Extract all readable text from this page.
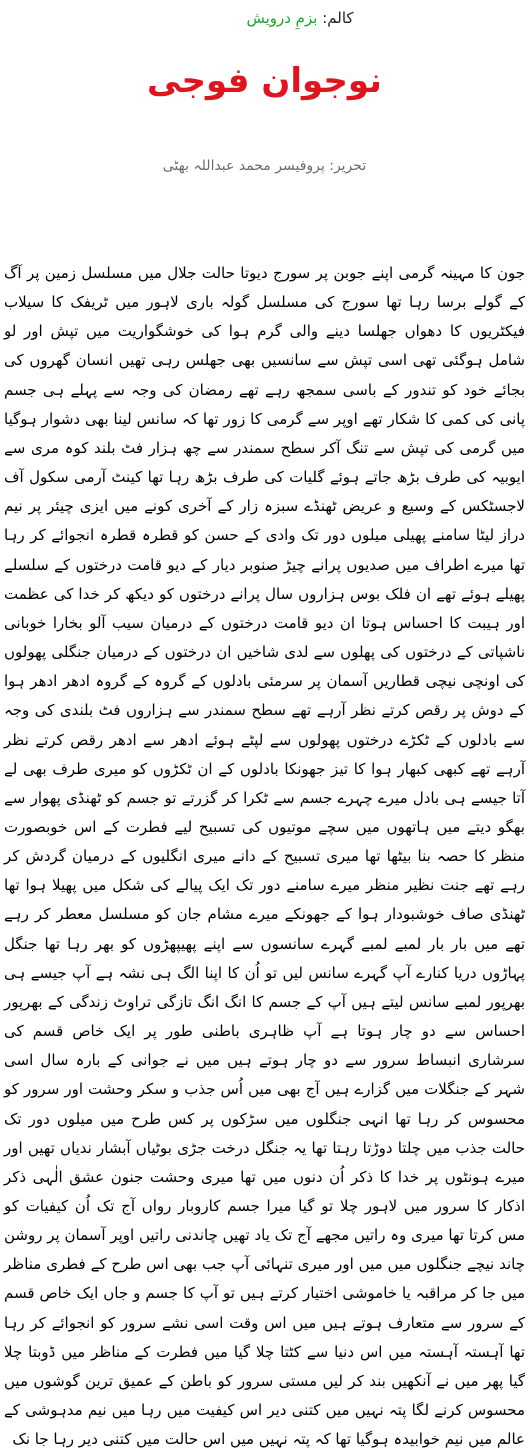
کالم: بزمِ درویش
نوجوان فوجی
تحریر: پروفیسر محمد عبداللہ بھٹی

جون کا مہینہ گرمی اپنے جوبن پر سورج دیوتا حالت جلال میں مسلسل زمین پر آگ کے گولے برسا رہا تھا سورج کی مسلسل گولہ باری لاہور میں ٹریفک کا سیلاب فیکٹریوں کا دھواں جھلسا دینے والی گرم ہوا کی خوشگواریت میں تپش اور لو شامل ہوگئی تھی اسی تپش سے سانسیں بھی جھلس رہی تھیں انسان گھروں کی بجائے خود کو تندور کے باسی سمجھ رہے تھے رمضان کی وجہ سے پہلے ہی جسم پانی کی کمی کا شکار تھے اوپر سے گرمی کا زور تھا کہ سانس لینا بھی دشوار ہوگیا میں گرمی کی تپش سے تنگ آکر سطح سمندر سے چھ ہزار فٹ بلند کوہ مری سے ایوبیہ کی طرف بڑھ جاتے ہوئے گلیات کی طرف بڑھ رہا تھا کینٹ آرمی سکول آف لاجسٹکس کے وسیع و عریض ٹھنڈے سبزہ زار کے آخری کونے میں ایزی چیئر پر نیم دراز لیٹا سامنے پھیلی میلوں دور تک وادی کے حسن کو قطرہ قطرہ انجوائے کر رہا تھا میرے اطراف میں صدیوں پرانے چیڑ صنوبر دیار کے دیو قامت درختوں کے سلسلے پھیلے ہوئے تھے ان فلک بوس ہزاروں سال پرانے درختوں کو دیکھ کر خدا کی عظمت اور ہیبت کا احساس ہوتا ان دیو قامت درختوں کے درمیان سیب آلو بخارا خوبانی ناشپاتی کے درختوں کی پھلوں سے لدی شاخیں ان درختوں کے درمیان جنگلی پھولوں کی اونچی نیچی قطاریں آسمان پر سرمئی بادلوں کے گروہ کے گروہ ادھر ادھر ہوا کے دوش پر رقص کرتے نظر آرہے تھے سطح سمندر سے ہزاروں فٹ بلندی کی وجہ سے بادلوں کے ٹکڑے درختوں پھولوں سے لپٹے ہوئے ادھر سے ادھر رقص کرتے نظر آرہے تھے کبھی کبھار ہوا کا تیز جھونکا بادلوں کے ان ٹکڑوں کو میری طرف بھی لے آتا جیسے ہی بادل میرے چہرے جسم سے ٹکرا کر گزرتے تو جسم کو ٹھنڈی پھوار سے بھگو دیتے میں ہاتھوں میں سچے موتیوں کی تسبیح لیے فطرت کے اس خوبصورت منظر کا حصہ بنا بیٹھا تھا میری تسبیح کے دانے میری انگلیوں کے درمیان گردش کر رہے تھے جنت نظیر منظر میرے سامنے دور تک ایک پیالے کی شکل میں پھیلا ہوا تھا ٹھنڈی صاف خوشبودار ہوا کے جھونکے میرے مشام جان کو مسلسل معطر کر رہے تھے میں بار بار لمبے لمبے گہرے سانسوں سے اپنے پھیپھڑوں کو بھر رہا تھا جنگل پہاڑوں دریا کنارے آپ گہرے سانس لیں تو اُن کا اپنا الگ ہی نشہ ہے آپ جیسے ہی بھرپور لمبے سانس لیتے ہیں آپ کے جسم کا انگ انگ تازگی تراوٹ زندگی کے بھرپور احساس سے دو چار ہوتا ہے آپ ظاہری باطنی طور پر ایک خاص قسم کی سرشاری انبساط سرور سے دو چار ہوتے ہیں میں نے جوانی کے بارہ سال اسی شہر کے جنگلات میں گزارے ہیں آج بھی میں اُس جذب و سکر وحشت اور سرور کو محسوس کر رہا تھا انہی جنگلوں میں سڑکوں پر کس طرح میں میلوں دور تک حالت جذب میں چلتا دوڑتا رہتا تھا یہ جنگل درخت جڑی بوٹیاں آبشار ندیاں تھیں اور میرے ہونٹوں پر خدا کا ذکر اُن دنوں میں تھا میری وحشت جنون عشق الٰہی ذکر اذکار کا سرور میں لاہور چلا تو گیا میرا جسم کاروبار رواں آج تک اُن کیفیات کو مس کرتا تھا میری وہ راتیں مجھے آج تک یاد تھیں چاندنی راتیں اوپر آسمان پر روشن چاند نیچے جنگلوں میں میں اور میری تنہائی آپ جب بھی اس طرح کے فطری مناظر میں جا کر مراقبہ یا خاموشی اختیار کرتے ہیں تو آپ کا جسم و جاں ایک خاص قسم کے سرور سے متعارف ہوتے ہیں میں اس وقت اسی نشے سرور کو انجوائے کر رہا تھا آہستہ آہستہ میں اس دنیا سے کٹتا چلا گیا میں فطرت کے مناظر میں ڈوبتا چلا گیا پھر میں نے آنکھیں بند کر لیں مستی سرور کو باطن کے عمیق ترین گوشوں میں محسوس کرنے لگا پتہ نہیں میں کتنی دیر اس کیفیت میں رہا میں نیم مدہوشی کے عالم میں نیم خوابیدہ ہوگیا تھا کہ پتہ نہیں میں اس حالت میں کتنی دیر رہا جا نک
